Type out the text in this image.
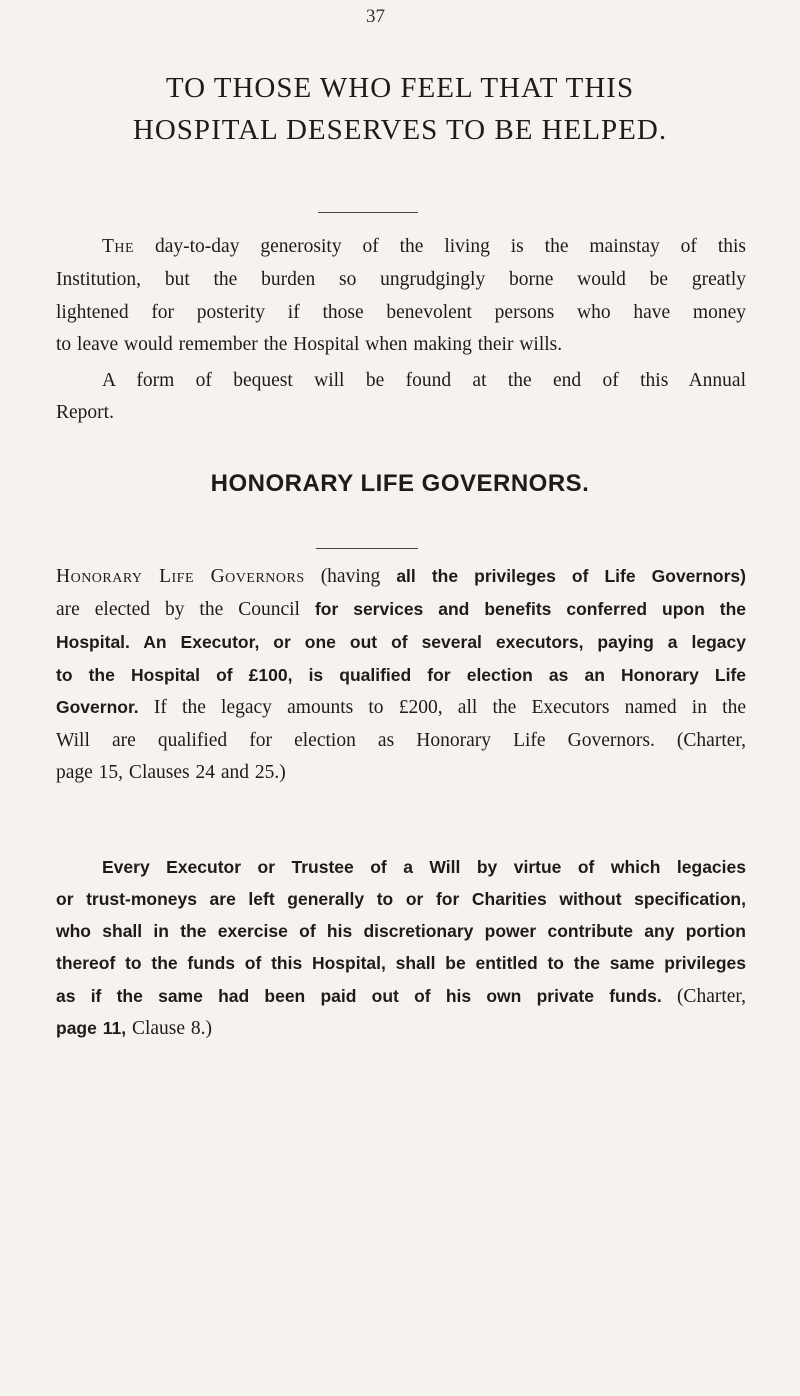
37
TO THOSE WHO FEEL THAT THIS
HOSPITAL DESERVES TO BE HELPED.
The day-to-day generosity of the living is the mainstay of this
Institution, but the burden so ungrudgingly borne would be greatly
lightened for posterity if those benevolent persons who have money
to leave would remember the Hospital when making their wills.
A form of bequest will be found at the end of this Annual
Report.
HONORARY LIFE GOVERNORS.
Honorary Life Governors (having all the privileges of Life Governors)
are elected by the Council for services and benefits conferred upon the
Hospital. An Executor, or one out of several executors, paying a legacy
to the Hospital of £100, is qualified for election as an Honorary Life
Governor. If the legacy amounts to £200, all the Executors named in the
Will are qualified for election as Honorary Life Governors. (Charter,
page 15, Clauses 24 and 25.)
Every Executor or Trustee of a Will by virtue of which legacies
or trust-moneys are left generally to or for Charities without specification,
who shall in the exercise of his discretionary power contribute any portion
thereof to the funds of this Hospital, shall be entitled to the same privileges
as if the same had been paid out of his own private funds. (Charter,
page 11, Clause 8.)
